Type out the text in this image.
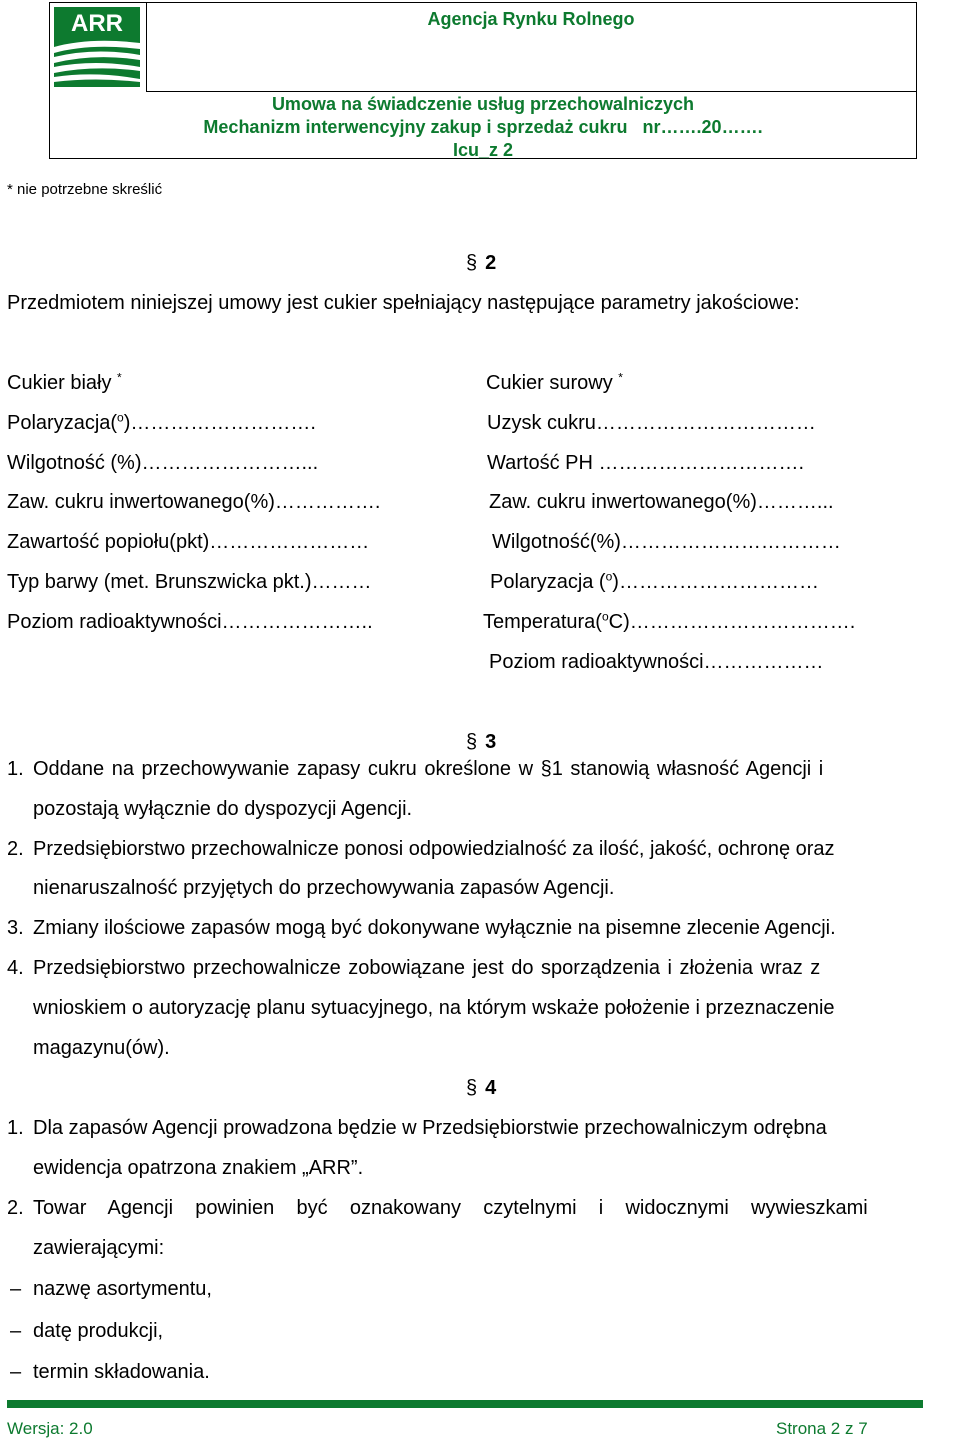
ARR	Agencja Rynku Rolnego
Umowa na świadczenie usług przechowalniczych
Mechanizm interwencyjny zakup i sprzedaż cukru   nr…….20…….
Icu_z 2
* nie potrzebne skreślić
§ 2
Przedmiotem niniejszej umowy jest cukier spełniający następujące parametry jakościowe:
Cukier biały *
Polaryzacja($^o$)……………………….
Wilgotność (%)……………………...
Zaw. cukru inwertowanego(%)…………….
Zawartość popiołu(pkt)……………………
Typ barwy (met. Brunszwicka pkt.)………
Poziom radioaktywności…………………..
Cukier surowy *
Uzysk cukru……………………………
Wartość PH ………………………….
Zaw. cukru inwertowanego(%)………...
Wilgotność(%)……………………………
Polaryzacja ($^o$)…………………………
Temperatura($^o$C)…………………………….
Poziom radioaktywności………………
§ 3
1. Oddane na przechowywanie zapasy cukru określone w §1 stanowią własność Agencji i
pozostają wyłącznie do dyspozycji Agencji.
2. Przedsiębiorstwo przechowalnicze ponosi odpowiedzialność za ilość, jakość, ochronę oraz
nienaruszalność przyjętych do przechowywania zapasów Agencji.
3. Zmiany ilościowe zapasów mogą być dokonywane wyłącznie na pisemne zlecenie Agencji.
4. Przedsiębiorstwo przechowalnicze zobowiązane jest do sporządzenia i złożenia wraz z
wnioskiem o autoryzację planu sytuacyjnego, na którym wskaże położenie i przeznaczenie
magazynu(ów).
§ 4
1. Dla zapasów Agencji prowadzona będzie w Przedsiębiorstwie przechowalniczym odrębna
ewidencja opatrzona znakiem „ARR”.
2. Towar    Agencji    powinien    być    oznakowany    czytelnymi    i    widocznymi    wywieszkami
zawierającymi:
– nazwę asortymentu,
– datę produkcji,
– termin składowania.
Wersja: 2.0	Strona 2 z 7
